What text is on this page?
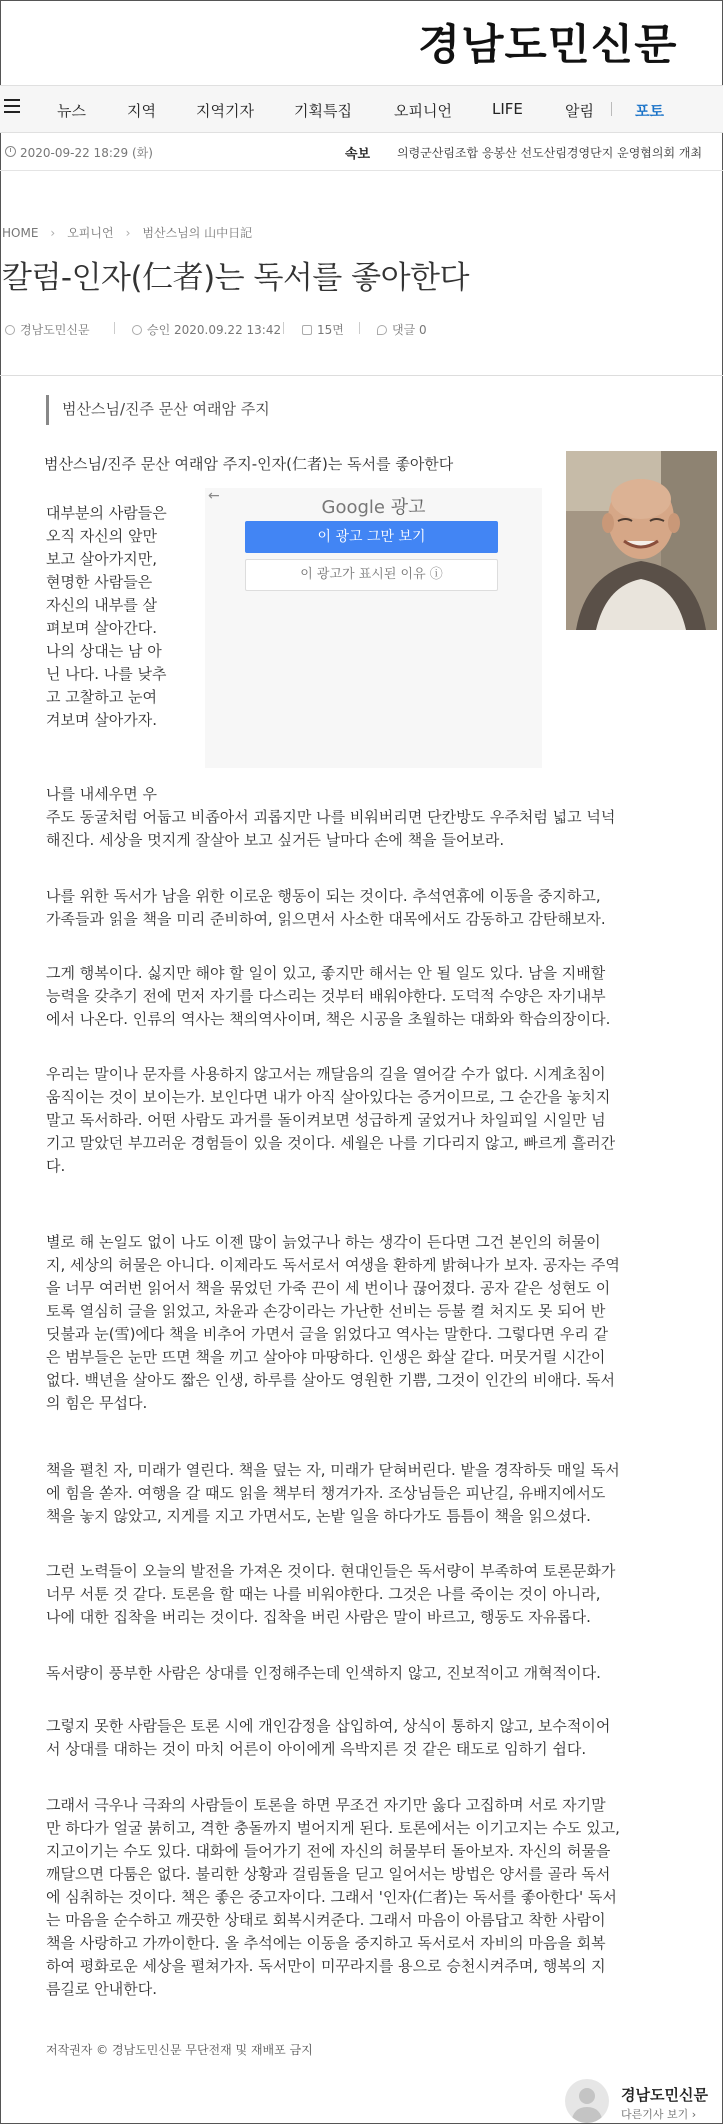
경남도민신문
뉴스	지역	지역기자	기획특집	오피니언	LIFE	알림	포토
2020-09-22 18:29 (화)	속보 의령군산림조합 응봉산 선도산림경영단지 운영협의회 개최
HOME › 오피니언 › 범산스님의 山中日記
칼럼-인자(仁者)는 독서를 좋아한다
경남도민신문	승인 2020.09.22 13:42	15면	댓글 0
범산스님/진주 문산 여래암 주지
범산스님/진주 문산 여래암 주지-인자(仁者)는 독서를 좋아한다
←
Google 광고
이 광고 그만 보기
이 광고가 표시된 이유 ⓘ
대부분의 사람들은
오직 자신의 앞만
보고 살아가지만,
현명한 사람들은
자신의 내부를 살
펴보며 살아간다.
나의 상대는 남 아
닌 나다. 나를 낮추
고 고찰하고 눈여
겨보며 살아가자.
나를 내세우면 우
주도 동굴처럼 어둡고 비좁아서 괴롭지만 나를 비워버리면 단칸방도 우주처럼 넓고 넉넉
해진다. 세상을 멋지게 잘살아 보고 싶거든 날마다 손에 책을 들어보라.
나를 위한 독서가 남을 위한 이로운 행동이 되는 것이다. 추석연휴에 이동을 중지하고,
가족들과 읽을 책을 미리 준비하여, 읽으면서 사소한 대목에서도 감동하고 감탄해보자.
그게 행복이다. 싫지만 해야 할 일이 있고, 좋지만 해서는 안 될 일도 있다. 남을 지배할
능력을 갖추기 전에 먼저 자기를 다스리는 것부터 배워야한다. 도덕적 수양은 자기내부
에서 나온다. 인류의 역사는 책의역사이며, 책은 시공을 초월하는 대화와 학습의장이다.
우리는 말이나 문자를 사용하지 않고서는 깨달음의 길을 열어갈 수가 없다. 시계초침이
움직이는 것이 보이는가. 보인다면 내가 아직 살아있다는 증거이므로, 그 순간을 놓치지
말고 독서하라. 어떤 사람도 과거를 돌이켜보면 성급하게 굴었거나 차일피일 시일만 넘
기고 말았던 부끄러운 경험들이 있을 것이다. 세월은 나를 기다리지 않고, 빠르게 흘러간
다.
별로 해 논일도 없이 나도 이젠 많이 늙었구나 하는 생각이 든다면 그건 본인의 허물이
지, 세상의 허물은 아니다. 이제라도 독서로서 여생을 환하게 밝혀나가 보자. 공자는 주역
을 너무 여러번 읽어서 책을 묶었던 가죽 끈이 세 번이나 끊어졌다. 공자 같은 성현도 이
토록 열심히 글을 읽었고, 차윤과 손강이라는 가난한 선비는 등불 켤 처지도 못 되어 반
딧불과 눈(雪)에다 책을 비추어 가면서 글을 읽었다고 역사는 말한다. 그렇다면 우리 같
은 범부들은 눈만 뜨면 책을 끼고 살아야 마땅하다. 인생은 화살 같다. 머뭇거릴 시간이
없다. 백년을 살아도 짧은 인생, 하루를 살아도 영원한 기쁨, 그것이 인간의 비애다. 독서
의 힘은 무섭다.
책을 펼친 자, 미래가 열린다. 책을 덮는 자, 미래가 닫혀버린다. 밭을 경작하듯 매일 독서
에 힘을 쏟자. 여행을 갈 때도 읽을 책부터 챙겨가자. 조상님들은 피난길, 유배지에서도
책을 놓지 않았고, 지게를 지고 가면서도, 논밭 일을 하다가도 틈틈이 책을 읽으셨다.
그런 노력들이 오늘의 발전을 가져온 것이다. 현대인들은 독서량이 부족하여 토론문화가
너무 서툰 것 같다. 토론을 할 때는 나를 비워야한다. 그것은 나를 죽이는 것이 아니라,
나에 대한 집착을 버리는 것이다. 집착을 버린 사람은 말이 바르고, 행동도 자유롭다.
독서량이 풍부한 사람은 상대를 인정해주는데 인색하지 않고, 진보적이고 개혁적이다.
그렇지 못한 사람들은 토론 시에 개인감정을 삽입하여, 상식이 통하지 않고, 보수적이어
서 상대를 대하는 것이 마치 어른이 아이에게 윽박지른 것 같은 태도로 임하기 쉽다.
그래서 극우나 극좌의 사람들이 토론을 하면 무조건 자기만 옳다 고집하며 서로 자기말
만 하다가 얼굴 붉히고, 격한 충돌까지 벌어지게 된다. 토론에서는 이기고지는 수도 있고,
지고이기는 수도 있다. 대화에 들어가기 전에 자신의 허물부터 돌아보자. 자신의 허물을
깨달으면 다툼은 없다. 불리한 상황과 걸림돌을 딛고 일어서는 방법은 양서를 골라 독서
에 심취하는 것이다. 책은 좋은 중고자이다. 그래서 '인자(仁者)는 독서를 좋아한다' 독서
는 마음을 순수하고 깨끗한 상태로 회복시켜준다. 그래서 마음이 아름답고 착한 사람이
책을 사랑하고 가까이한다. 올 추석에는 이동을 중지하고 독서로서 자비의 마음을 회복
하여 평화로운 세상을 펼쳐가자. 독서만이 미꾸라지를 용으로 승천시켜주며, 행복의 지
름길로 안내한다.
저작권자 © 경남도민신문 무단전재 및 재배포 금지
경남도민신문
다른기사 보기 ›
